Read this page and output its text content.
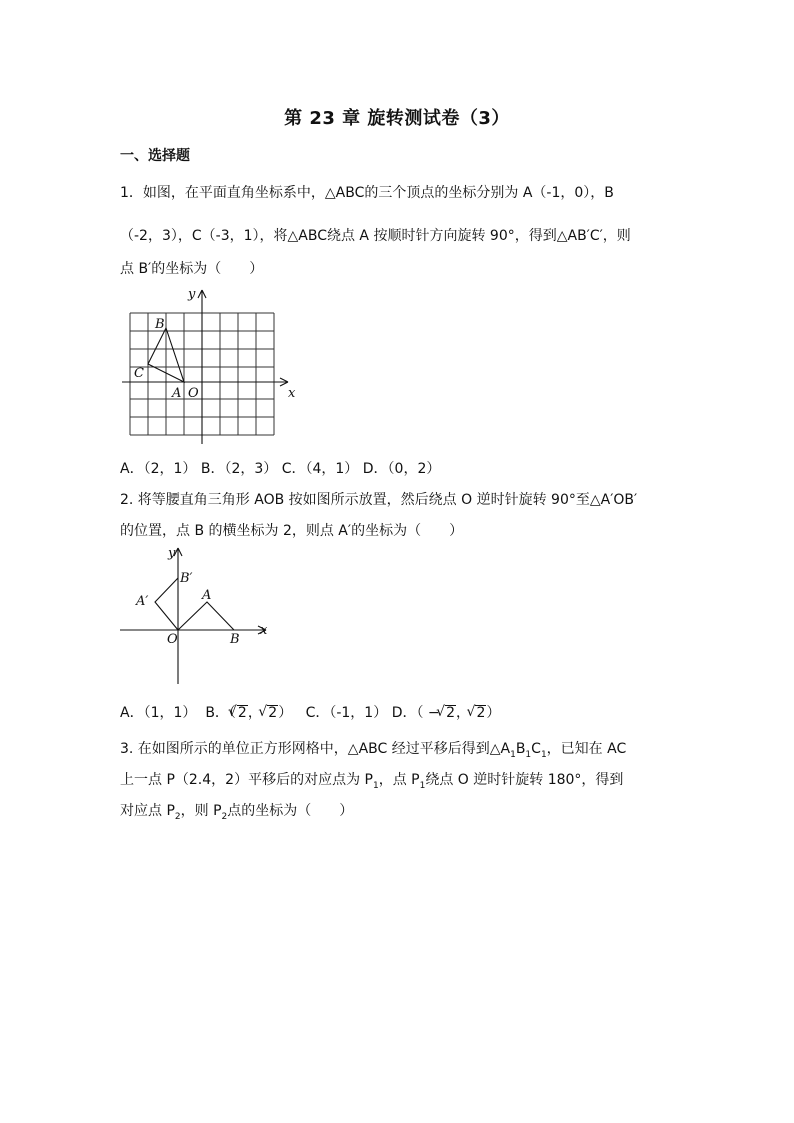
第 23 章 旋转测试卷（3）
一、选择题
1．如图，在平面直角坐标系中，△ABC的三个顶点的坐标分别为 A（-1，0），B
（-2，3），C（-3，1），将△ABC绕点 A 按顺时针方向旋转 90°，得到△AB′C′，则
点 B′的坐标为（　　）
x
y
B
C
A O
A．（2，1） B．（2，3） C．（4，1） D．（0，2）
2. 将等腰直角三角形 AOB 按如图所示放置，然后绕点 O 逆时针旋转 90°至△A′OB′
的位置，点 B 的横坐标为 2，则点 A′的坐标为（　　）
x
y
A
B
A′
B′
O
A．（1，1） B．（ √ 2， √ 2） C．（-1，1） D．（ − √ 2， √ 2）
3. 在如图所示的单位正方形网格中，△ABC 经过平移后得到$\triangle A_1B_1C_1$，已知在 AC
上一点 P（2.4，2）平移后的对应点为 $P_1$，点 $P_1$绕点 O 逆时针旋转 180°，得到
对应点 $P_2$，则 $P_2$点的坐标为（　　）
